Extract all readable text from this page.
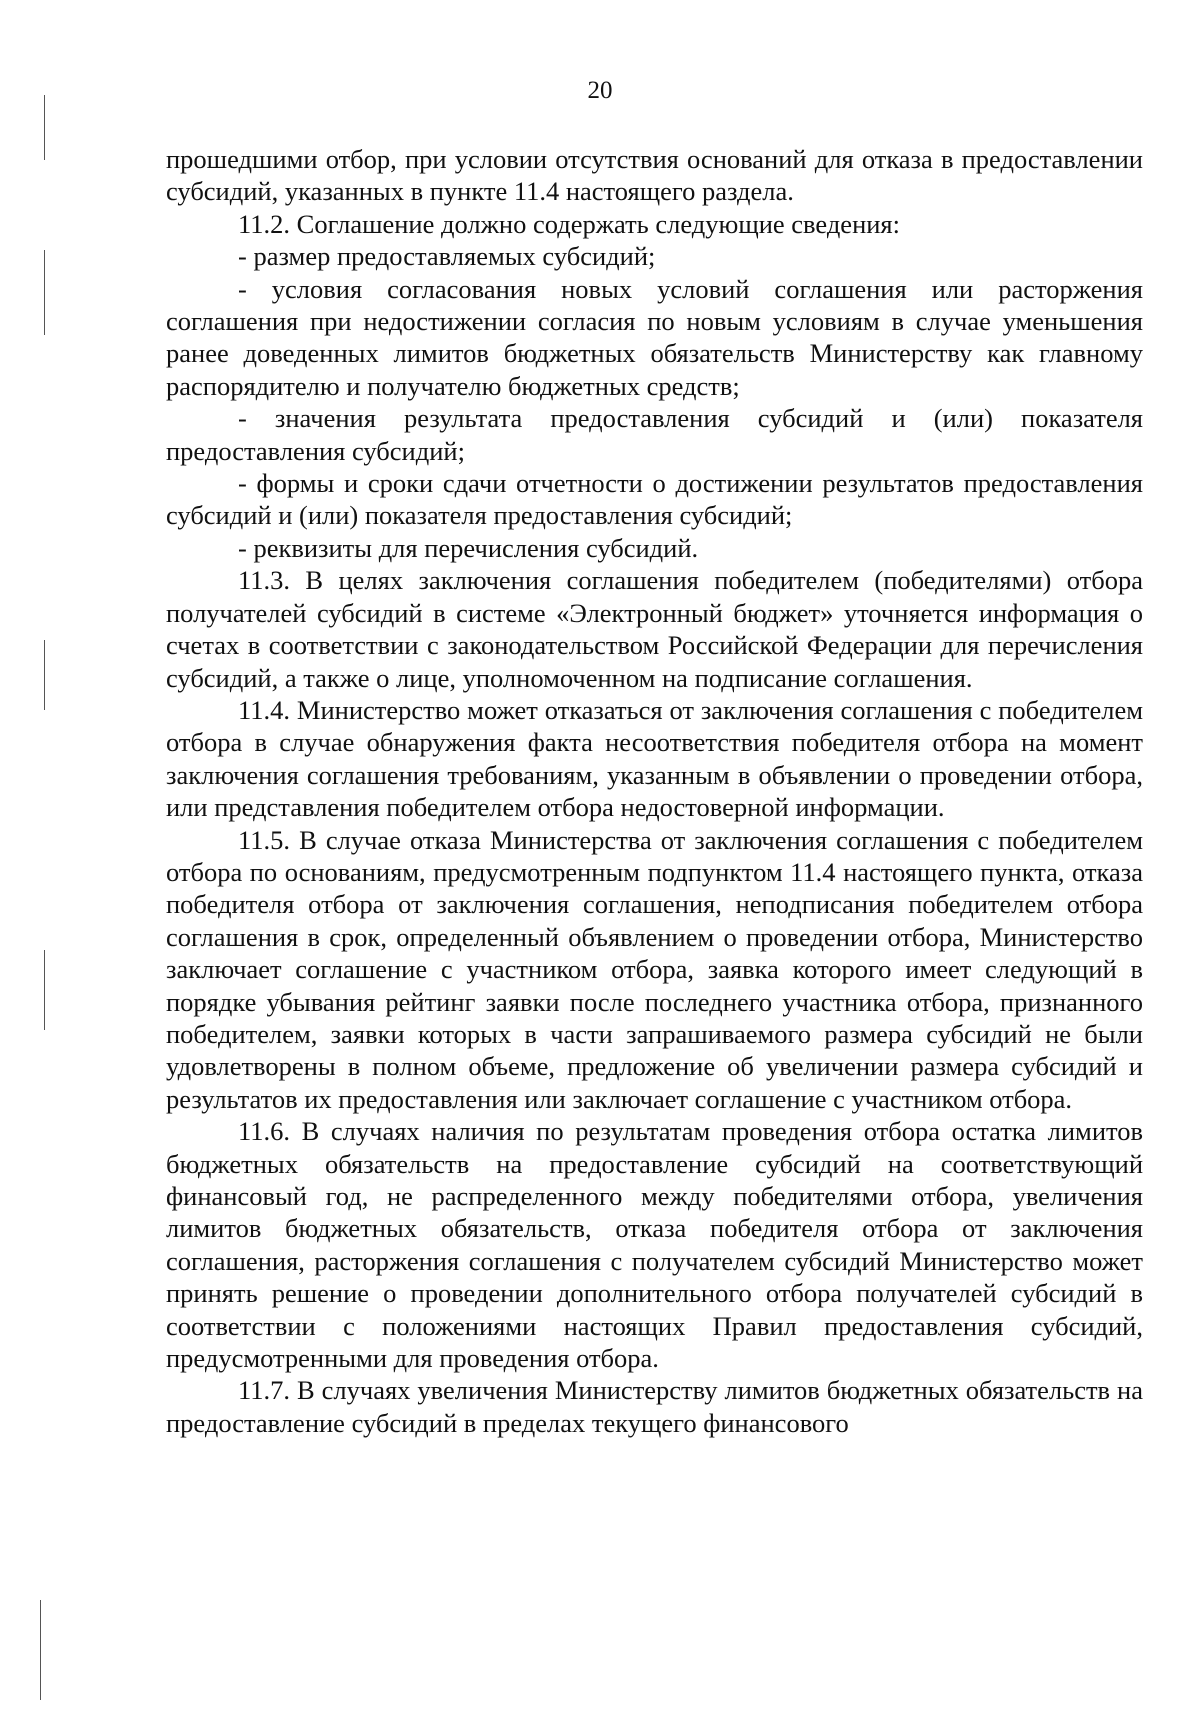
20

прошедшими отбор, при условии отсутствия оснований для отказа в предоставлении субсидий, указанных в пункте 11.4 настоящего раздела.

11.2. Соглашение должно содержать следующие сведения:

- размер предоставляемых субсидий;

- условия согласования новых условий соглашения или расторжения соглашения при недостижении согласия по новым условиям в случае уменьшения ранее доведенных лимитов бюджетных обязательств Министерству как главному распорядителю и получателю бюджетных средств;

- значения результата предоставления субсидий и (или) показателя предоставления субсидий;

- формы и сроки сдачи отчетности о достижении результатов предоставления субсидий и (или) показателя предоставления субсидий;

- реквизиты для перечисления субсидий.

11.3. В целях заключения соглашения победителем (победителями) отбора получателей субсидий в системе «Электронный бюджет» уточняется информация о счетах в соответствии с законодательством Российской Федерации для перечисления субсидий, а также о лице, уполномоченном на подписание соглашения.

11.4. Министерство может отказаться от заключения соглашения с победителем отбора в случае обнаружения факта несоответствия победителя отбора на момент заключения соглашения требованиям, указанным в объявлении о проведении отбора, или представления победителем отбора недостоверной информации.

11.5. В случае отказа Министерства от заключения соглашения с победителем отбора по основаниям, предусмотренным подпунктом 11.4 настоящего пункта, отказа победителя отбора от заключения соглашения, неподписания победителем отбора соглашения в срок, определенный объявлением о проведении отбора, Министерство заключает соглашение с участником отбора, заявка которого имеет следующий в порядке убывания рейтинг заявки после последнего участника отбора, признанного победителем, заявки которых в части запрашиваемого размера субсидий не были удовлетворены в полном объеме, предложение об увеличении размера субсидий и результатов их предоставления или заключает соглашение с участником отбора.

11.6. В случаях наличия по результатам проведения отбора остатка лимитов бюджетных обязательств на предоставление субсидий на соответствующий финансовый год, не распределенного между победителями отбора, увеличения лимитов бюджетных обязательств, отказа победителя отбора от заключения соглашения, расторжения соглашения с получателем субсидий Министерство может принять решение о проведении дополнительного отбора получателей субсидий в соответствии с положениями настоящих Правил предоставления субсидий, предусмотренными для проведения отбора.

11.7. В случаях увеличения Министерству лимитов бюджетных обязательств на предоставление субсидий в пределах текущего финансового
